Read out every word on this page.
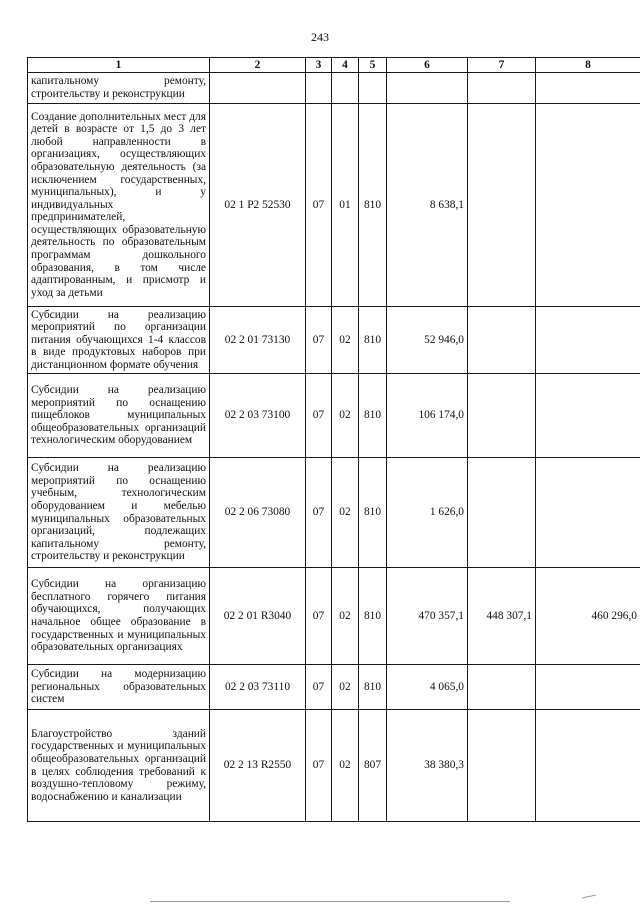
243
1	2	3	4	5	6	7	8
капитальному ремонту, строительству и реконструкции							
Создание дополнительных мест для детей в возрасте от 1,5 до 3 лет любой направленности в организациях, осуществляющих образовательную деятельность (за исключением государственных, муниципальных), и у индивидуальных предпринимателей, осуществляющих образовательную деятельность по образовательным программам дошкольного образования, в том числе адаптированным, и присмотр и уход за детьми	02 1 P2 52530	07	01	810	8 638,1		
Субсидии на реализацию мероприятий по организации питания обучающихся 1-4 классов в виде продуктовых наборов при дистанционном формате обучения	02 2 01 73130	07	02	810	52 946,0		
Субсидии на реализацию мероприятий по оснащению пищеблоков муниципальных общеобразовательных организаций технологическим оборудованием	02 2 03 73100	07	02	810	106 174,0		
Субсидии на реализацию мероприятий по оснащению учебным, технологическим оборудованием и мебелью муниципальных образовательных организаций, подлежащих капитальному ремонту, строительству и реконструкции	02 2 06 73080	07	02	810	1 626,0		
Субсидии на организацию бесплатного горячего питания обучающихся, получающих начальное общее образование в государственных и муниципальных образовательных организациях	02 2 01 R3040	07	02	810	470 357,1	448 307,1	460 296,0
Субсидии на модернизацию региональных образовательных систем	02 2 03 73110	07	02	810	4 065,0		
Благоустройство зданий государственных и муниципальных общеобразовательных организаций в целях соблюдения требований к воздушно-тепловому режиму, водоснабжению и канализации	02 2 13 R2550	07	02	807	38 380,3		
